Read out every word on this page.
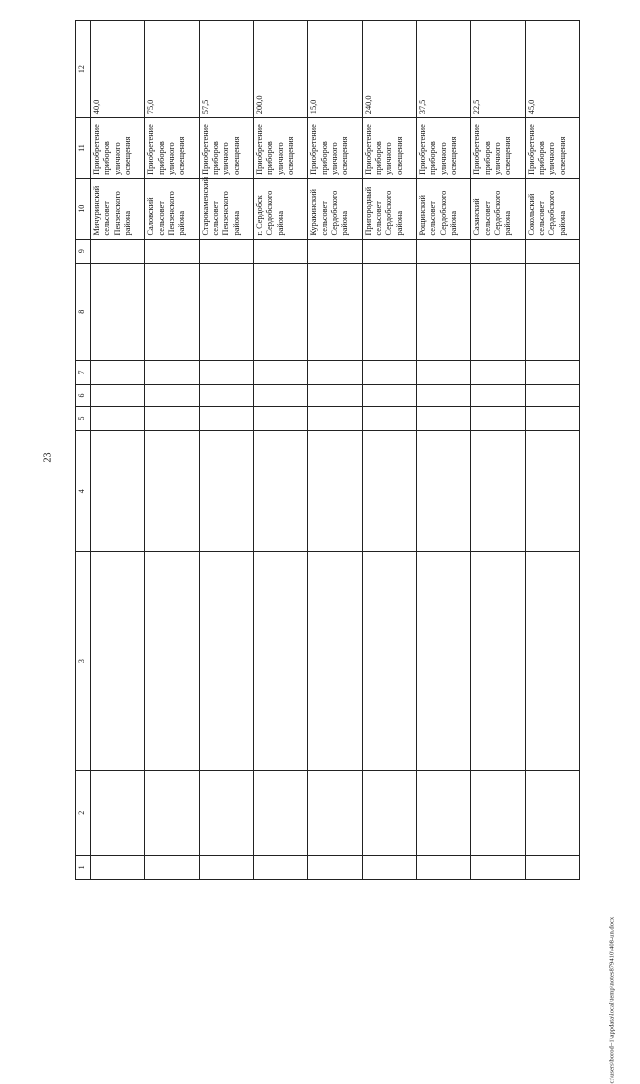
23
c:\users\borod~1\appdata\local\temp\notes879410\408-un.docx
1	2	3	4	5	6	7	8	9	10	11	12
									Мичуринский сельсовет Пензенского района	Приобретение приборов уличного освещения	40,0
									Саловский сельсовет Пензенского района	Приобретение приборов уличного освещения	75,0
									Старокаменский сельсовет Пензенского района	Приобретение приборов уличного освещения	57,5
									г. Сердобск Сердобского района	Приобретение приборов уличного освещения	200,0
									Куракинский сельсовет Сердобского района	Приобретение приборов уличного освещения	15,0
									Пригородный сельсовет Сердобского района	Приобретение приборов уличного освещения	240,0
									Рощинский сельсовет Сердобского района	Приобретение приборов уличного освещения	37,5
									Сазанский сельсовет Сердобского района	Приобретение приборов уличного освещения	22,5
									Сокольский сельсовет Сердобского района	Приобретение приборов уличного освещения	45,0
